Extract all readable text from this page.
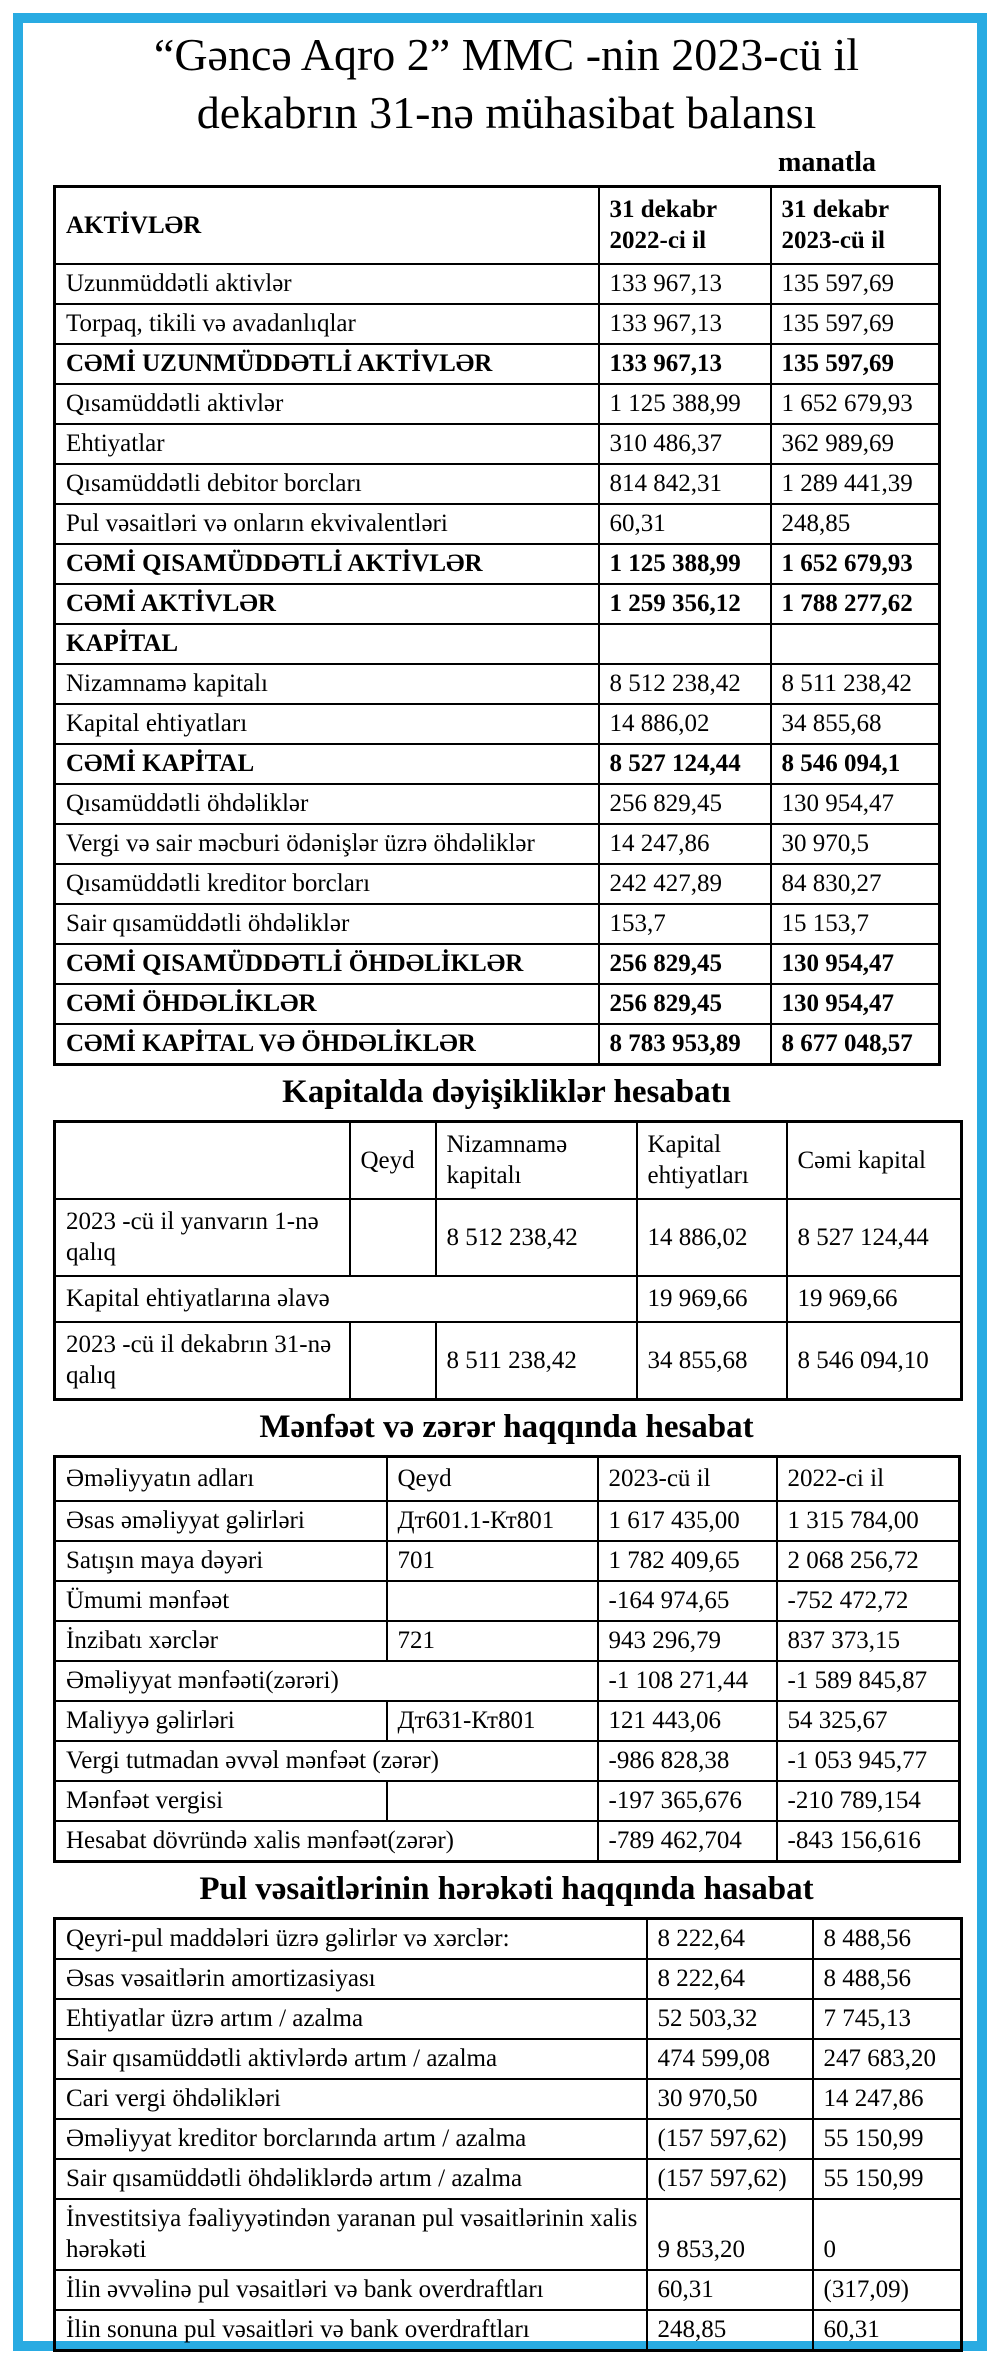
“Gəncə Aqro 2” MMC -nin 2023-cü il
dekabrın 31-nə mühasibat balansı
manatla
AKTİVLƏR	31 dekabr 2022-ci il	31 dekabr 2023-cü il
Uzunmüddətli aktivlər	133 967,13	135 597,69
Torpaq, tikili və avadanlıqlar	133 967,13	135 597,69
CƏMİ UZUNMÜDDƏTLİ AKTİVLƏR	133 967,13	135 597,69
Qısamüddətli aktivlər	1 125 388,99	1 652 679,93
Ehtiyatlar	310 486,37	362 989,69
Qısamüddətli debitor borcları	814 842,31	1 289 441,39
Pul vəsaitləri və onların ekvivalentləri	60,31	248,85
CƏMİ QISAMÜDDƏTLİ AKTİVLƏR	1 125 388,99	1 652 679,93
CƏMİ AKTİVLƏR	1 259 356,12	1 788 277,62
KAPİTAL		
Nizamnamə kapitalı	8 512 238,42	8 511 238,42
Kapital ehtiyatları	14 886,02	34 855,68
CƏMİ KAPİTAL	8 527 124,44	8 546 094,1
Qısamüddətli öhdəliklər	256 829,45	130 954,47
Vergi və sair məcburi ödənişlər üzrə öhdəliklər	14 247,86	30 970,5
Qısamüddətli kreditor borcları	242 427,89	84 830,27
Sair qısamüddətli öhdəliklər	153,7	15 153,7
CƏMİ QISAMÜDDƏTLİ ÖHDƏLİKLƏR	256 829,45	130 954,47
CƏMİ ÖHDƏLİKLƏR	256 829,45	130 954,47
CƏMİ KAPİTAL VƏ ÖHDƏLİKLƏR	8 783 953,89	8 677 048,57
Kapitalda dəyişikliklər hesabatı
	Qeyd	Nizamnamə kapitalı	Kapital ehtiyatları	Cəmi kapital
2023 -cü il yanvarın 1-nə qalıq		8 512 238,42	14 886,02	8 527 124,44
Kapital ehtiyatlarına əlavə			19 969,66	19 969,66
2023 -cü il dekabrın 31-nə qalıq		8 511 238,42	34 855,68	8 546 094,10
Mənfəət və zərər haqqında hesabat
Əməliyyatın adları	Qeyd	2023-cü il	2022-ci il
Əsas əməliyyat gəlirləri	Дт601.1-Кт801	1 617 435,00	1 315 784,00
Satışın maya dəyəri	701	1 782 409,65	2 068 256,72
Ümumi mənfəət		-164 974,65	-752 472,72
İnzibatı xərclər	721	943 296,79	837 373,15
Əməliyyat mənfəəti(zərəri)		-1 108 271,44	-1 589 845,87
Maliyyə gəlirləri	Дт631-Кт801	121 443,06	54 325,67
Vergi tutmadan əvvəl mənfəət (zərər)		-986 828,38	-1 053 945,77
Mənfəət vergisi		-197 365,676	-210 789,154
Hesabat dövründə xalis mənfəət(zərər)		-789 462,704	-843 156,616
Pul vəsaitlərinin hərəkəti haqqında hasabat
Qeyri-pul maddələri üzrə gəlirlər və xərclər:	8 222,64	8 488,56
Əsas vəsaitlərin amortizasiyası	8 222,64	8 488,56
Ehtiyatlar üzrə artım / azalma	52 503,32	7 745,13
Sair qısamüddətli aktivlərdə artım / azalma	474 599,08	247 683,20
Cari vergi öhdəlikləri	30 970,50	14 247,86
Əməliyyat kreditor borclarında artım / azalma	(157 597,62)	55 150,99
Sair qısamüddətli öhdəliklərdə artım / azalma	(157 597,62)	55 150,99
İnvestitsiya fəaliyyətindən yaranan pul vəsaitlərinin xalis hərəkəti	9 853,20	0
İlin əvvəlinə pul vəsaitləri və bank overdraftları	60,31	(317,09)
İlin sonuna pul vəsaitləri və bank overdraftları	248,85	60,31
